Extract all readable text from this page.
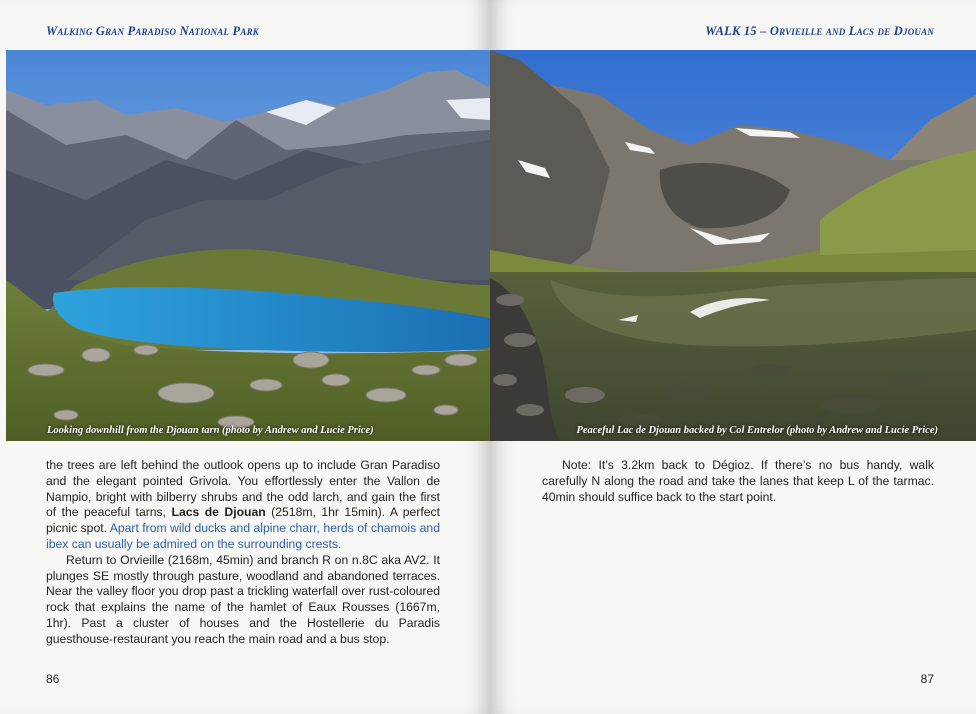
Walking Gran Paradiso National Park
Looking downhill from the Djouan tarn (photo by Andrew and Lucie Price)

the trees are left behind the outlook opens up to include Gran Paradiso and the elegant pointed Grivola. You effortlessly enter the Vallon de Nampio, bright with bilberry shrubs and the odd larch, and gain the first of the peaceful tarns, Lacs de Djouan (2518m, 1hr 15min). A perfect picnic spot. Apart from wild ducks and alpine charr, herds of chamois and ibex can usually be admired on the surrounding crests.

Return to Orvieille (2168m, 45min) and branch R on n.8C aka AV2. It plunges SE mostly through pasture, woodland and abandoned terraces. Near the valley floor you drop past a trickling waterfall over rust-coloured rock that explains the name of the hamlet of Eaux Rousses (1667m, 1hr). Past a cluster of houses and the Hostellerie du Paradis guesthouse-restaurant you reach the main road and a bus stop.

86
WALK 15 – Orvieille and Lacs de Djouan
Peaceful Lac de Djouan backed by Col Entrelor (photo by Andrew and Lucie Price)

Note: It’s 3.2km back to Dégioz. If there’s no bus handy, walk carefully N along the road and take the lanes that keep L of the tarmac. 40min should suffice back to the start point.

87
